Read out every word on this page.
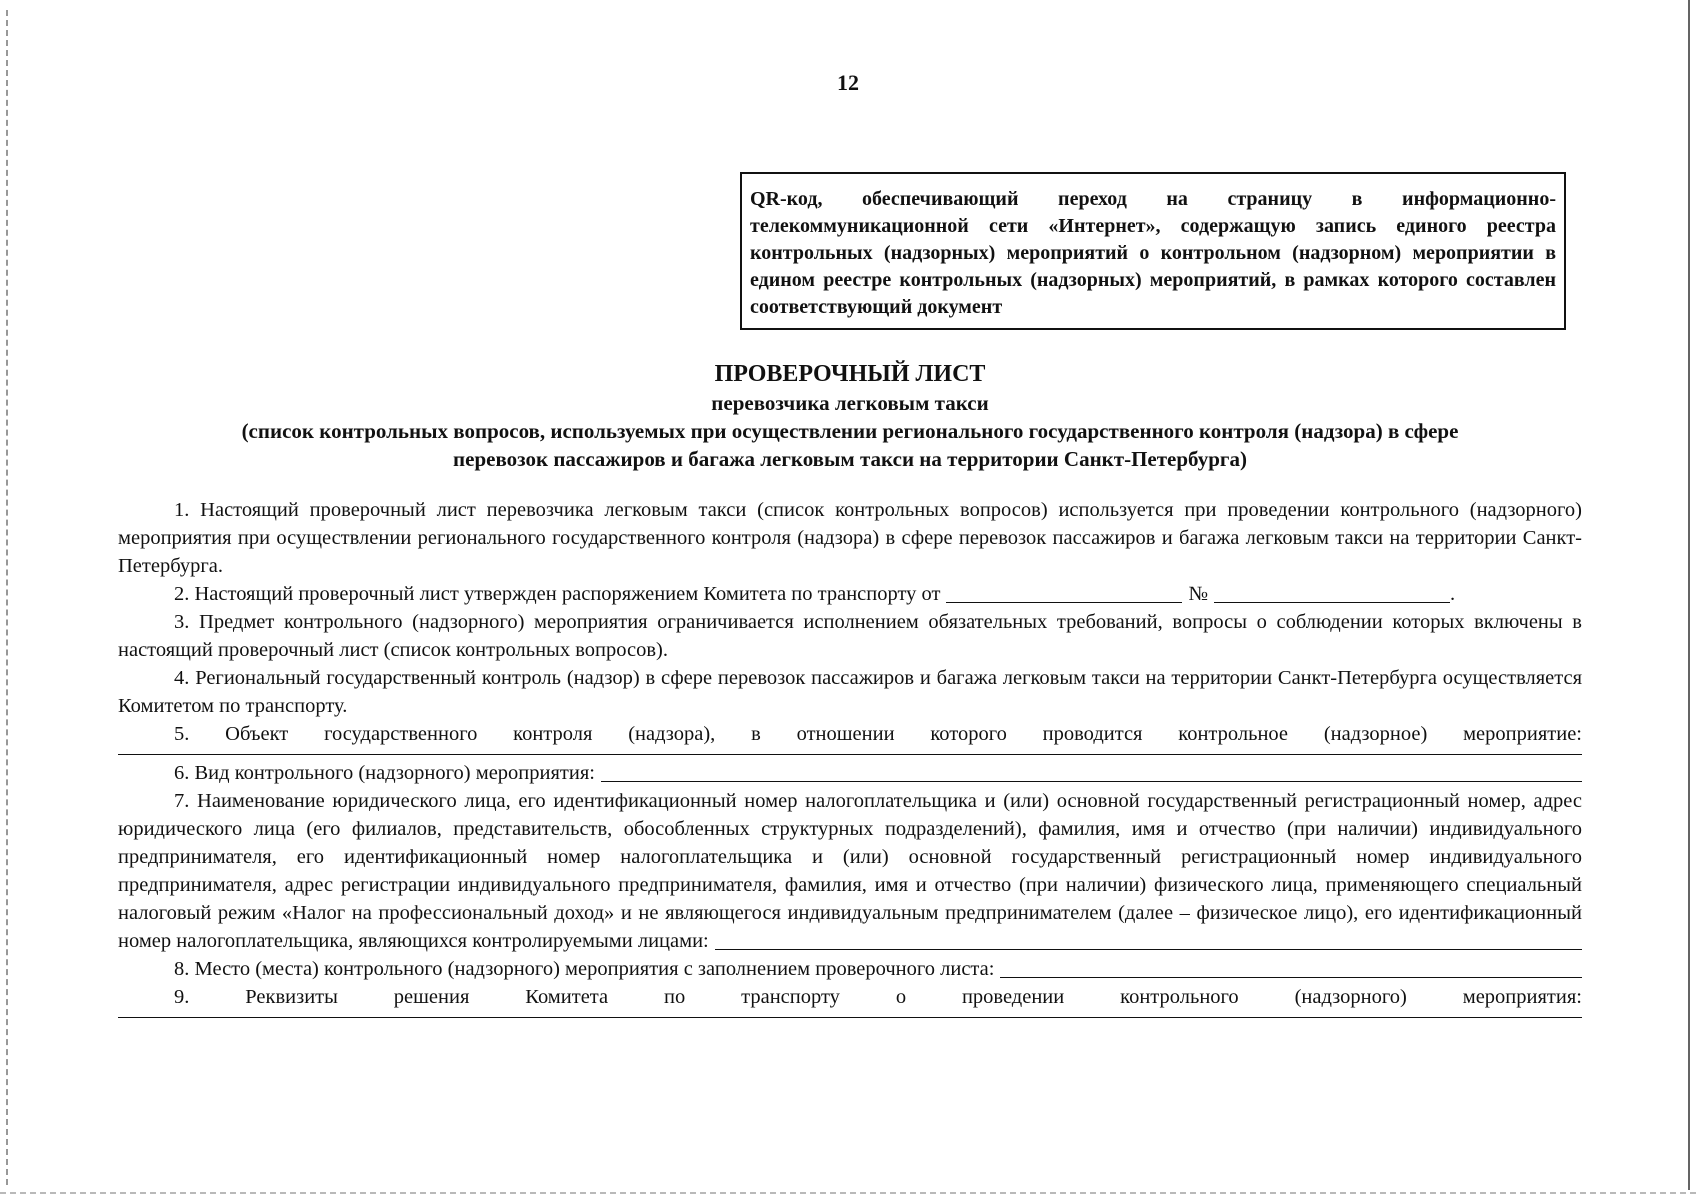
12
QR-код, обеспечивающий переход на страницу в информационно-телекоммуникационной сети «Интернет», содержащую запись единого реестра контрольных (надзорных) мероприятий о контрольном (надзорном) мероприятии в едином реестре контрольных (надзорных) мероприятий, в рамках которого составлен соответствующий документ
ПРОВЕРОЧНЫЙ ЛИСТ
перевозчика легковым такси
(список контрольных вопросов, используемых при осуществлении регионального государственного контроля (надзора) в сфере
перевозок пассажиров и багажа легковым такси на территории Санкт-Петербурга)
1. Настоящий проверочный лист перевозчика легковым такси (список контрольных вопросов) используется при проведении контрольного (надзорного) мероприятия при осуществлении регионального государственного контроля (надзора) в сфере перевозок пассажиров и багажа легковым такси на территории Санкт-Петербурга.
2. Настоящий проверочный лист утвержден распоряжением Комитета по транспорту от	№	.
3. Предмет контрольного (надзорного) мероприятия ограничивается исполнением обязательных требований, вопросы о соблюдении которых включены в настоящий проверочный лист (список контрольных вопросов).
4. Региональный государственный контроль (надзор) в сфере перевозок пассажиров и багажа легковым такси на территории Санкт-Петербурга осуществляется Комитетом по транспорту.
5. Объект государственного контроля (надзора), в отношении которого проводится контрольное (надзорное) мероприятие:
6. Вид контрольного (надзорного) мероприятия:
7. Наименование юридического лица, его идентификационный номер налогоплательщика и (или) основной государственный регистрационный номер, адрес юридического лица (его филиалов, представительств, обособленных структурных подразделений), фамилия, имя и отчество (при наличии) индивидуального предпринимателя, его идентификационный номер налогоплательщика и (или) основной государственный регистрационный номер индивидуального предпринимателя, адрес регистрации индивидуального предпринимателя, фамилия, имя и отчество (при наличии) физического лица, применяющего специальный налоговый режим «Налог на профессиональный доход» и не являющегося индивидуальным предпринимателем (далее – физическое лицо), его идентификационный
номер налогоплательщика, являющихся контролируемыми лицами:
8. Место (места) контрольного (надзорного) мероприятия с заполнением проверочного листа:
9.	Реквизиты	решения	Комитета	по	транспорту	о	проведении	контрольного	(надзорного)	мероприятия:
